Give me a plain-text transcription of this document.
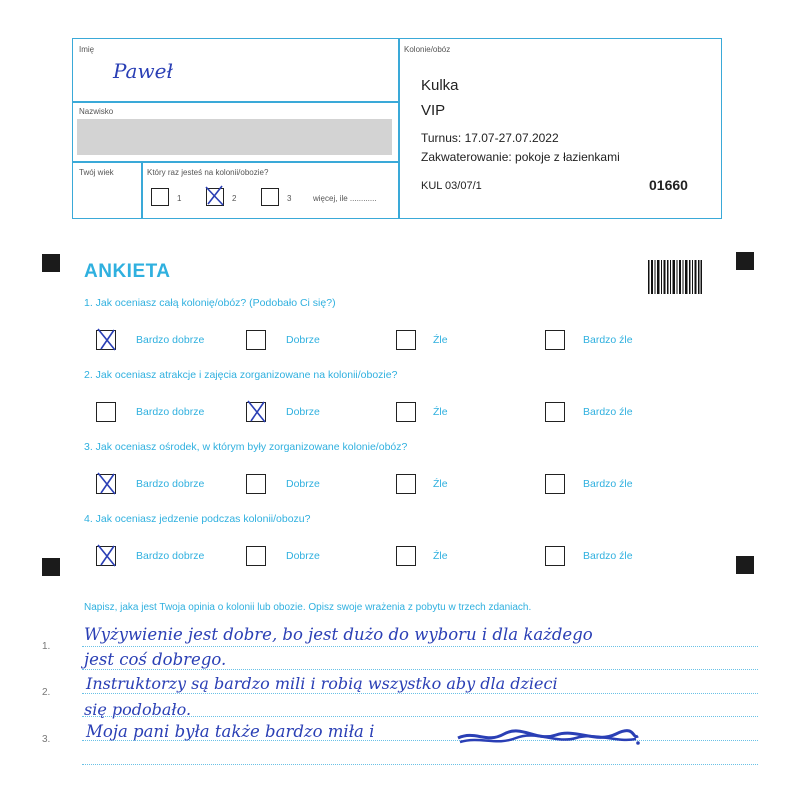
Imię
Paweł
Nazwisko
Twój wiek	Który raz jesteś na kolonii/obozie?
1	2	3	więcej, ile ............
Kolonie/obóz
Kulka
VIP
Turnus: 17.07-27.07.2022
Zakwaterowanie: pokoje z łazienkami
KUL 03/07/1	01660
ANKIETA
1. Jak oceniasz całą kolonię/obóz? (Podobało Ci się?)
Bardzo dobrze	Dobrze	Źle	Bardzo źle
2. Jak oceniasz atrakcje i zajęcia zorganizowane na kolonii/obozie?
Bardzo dobrze	Dobrze	Źle	Bardzo źle
3. Jak oceniasz ośrodek, w którym były zorganizowane kolonie/obóz?
Bardzo dobrze	Dobrze	Źle	Bardzo źle
4. Jak oceniasz jedzenie podczas kolonii/obozu?
Bardzo dobrze	Dobrze	Źle	Bardzo źle
Napisz, jaka jest Twoja opinia o kolonii lub obozie. Opisz swoje wrażenia z pobytu w trzech zdaniach.
1.
2.
3.
Wyżywienie jest dobre, bo jest dużo do wyboru i dla każdego
jest coś dobrego.
Instruktorzy są bardzo mili i robią wszystko aby dla dzieci
się podobało.
Moja pani była także bardzo miła i
